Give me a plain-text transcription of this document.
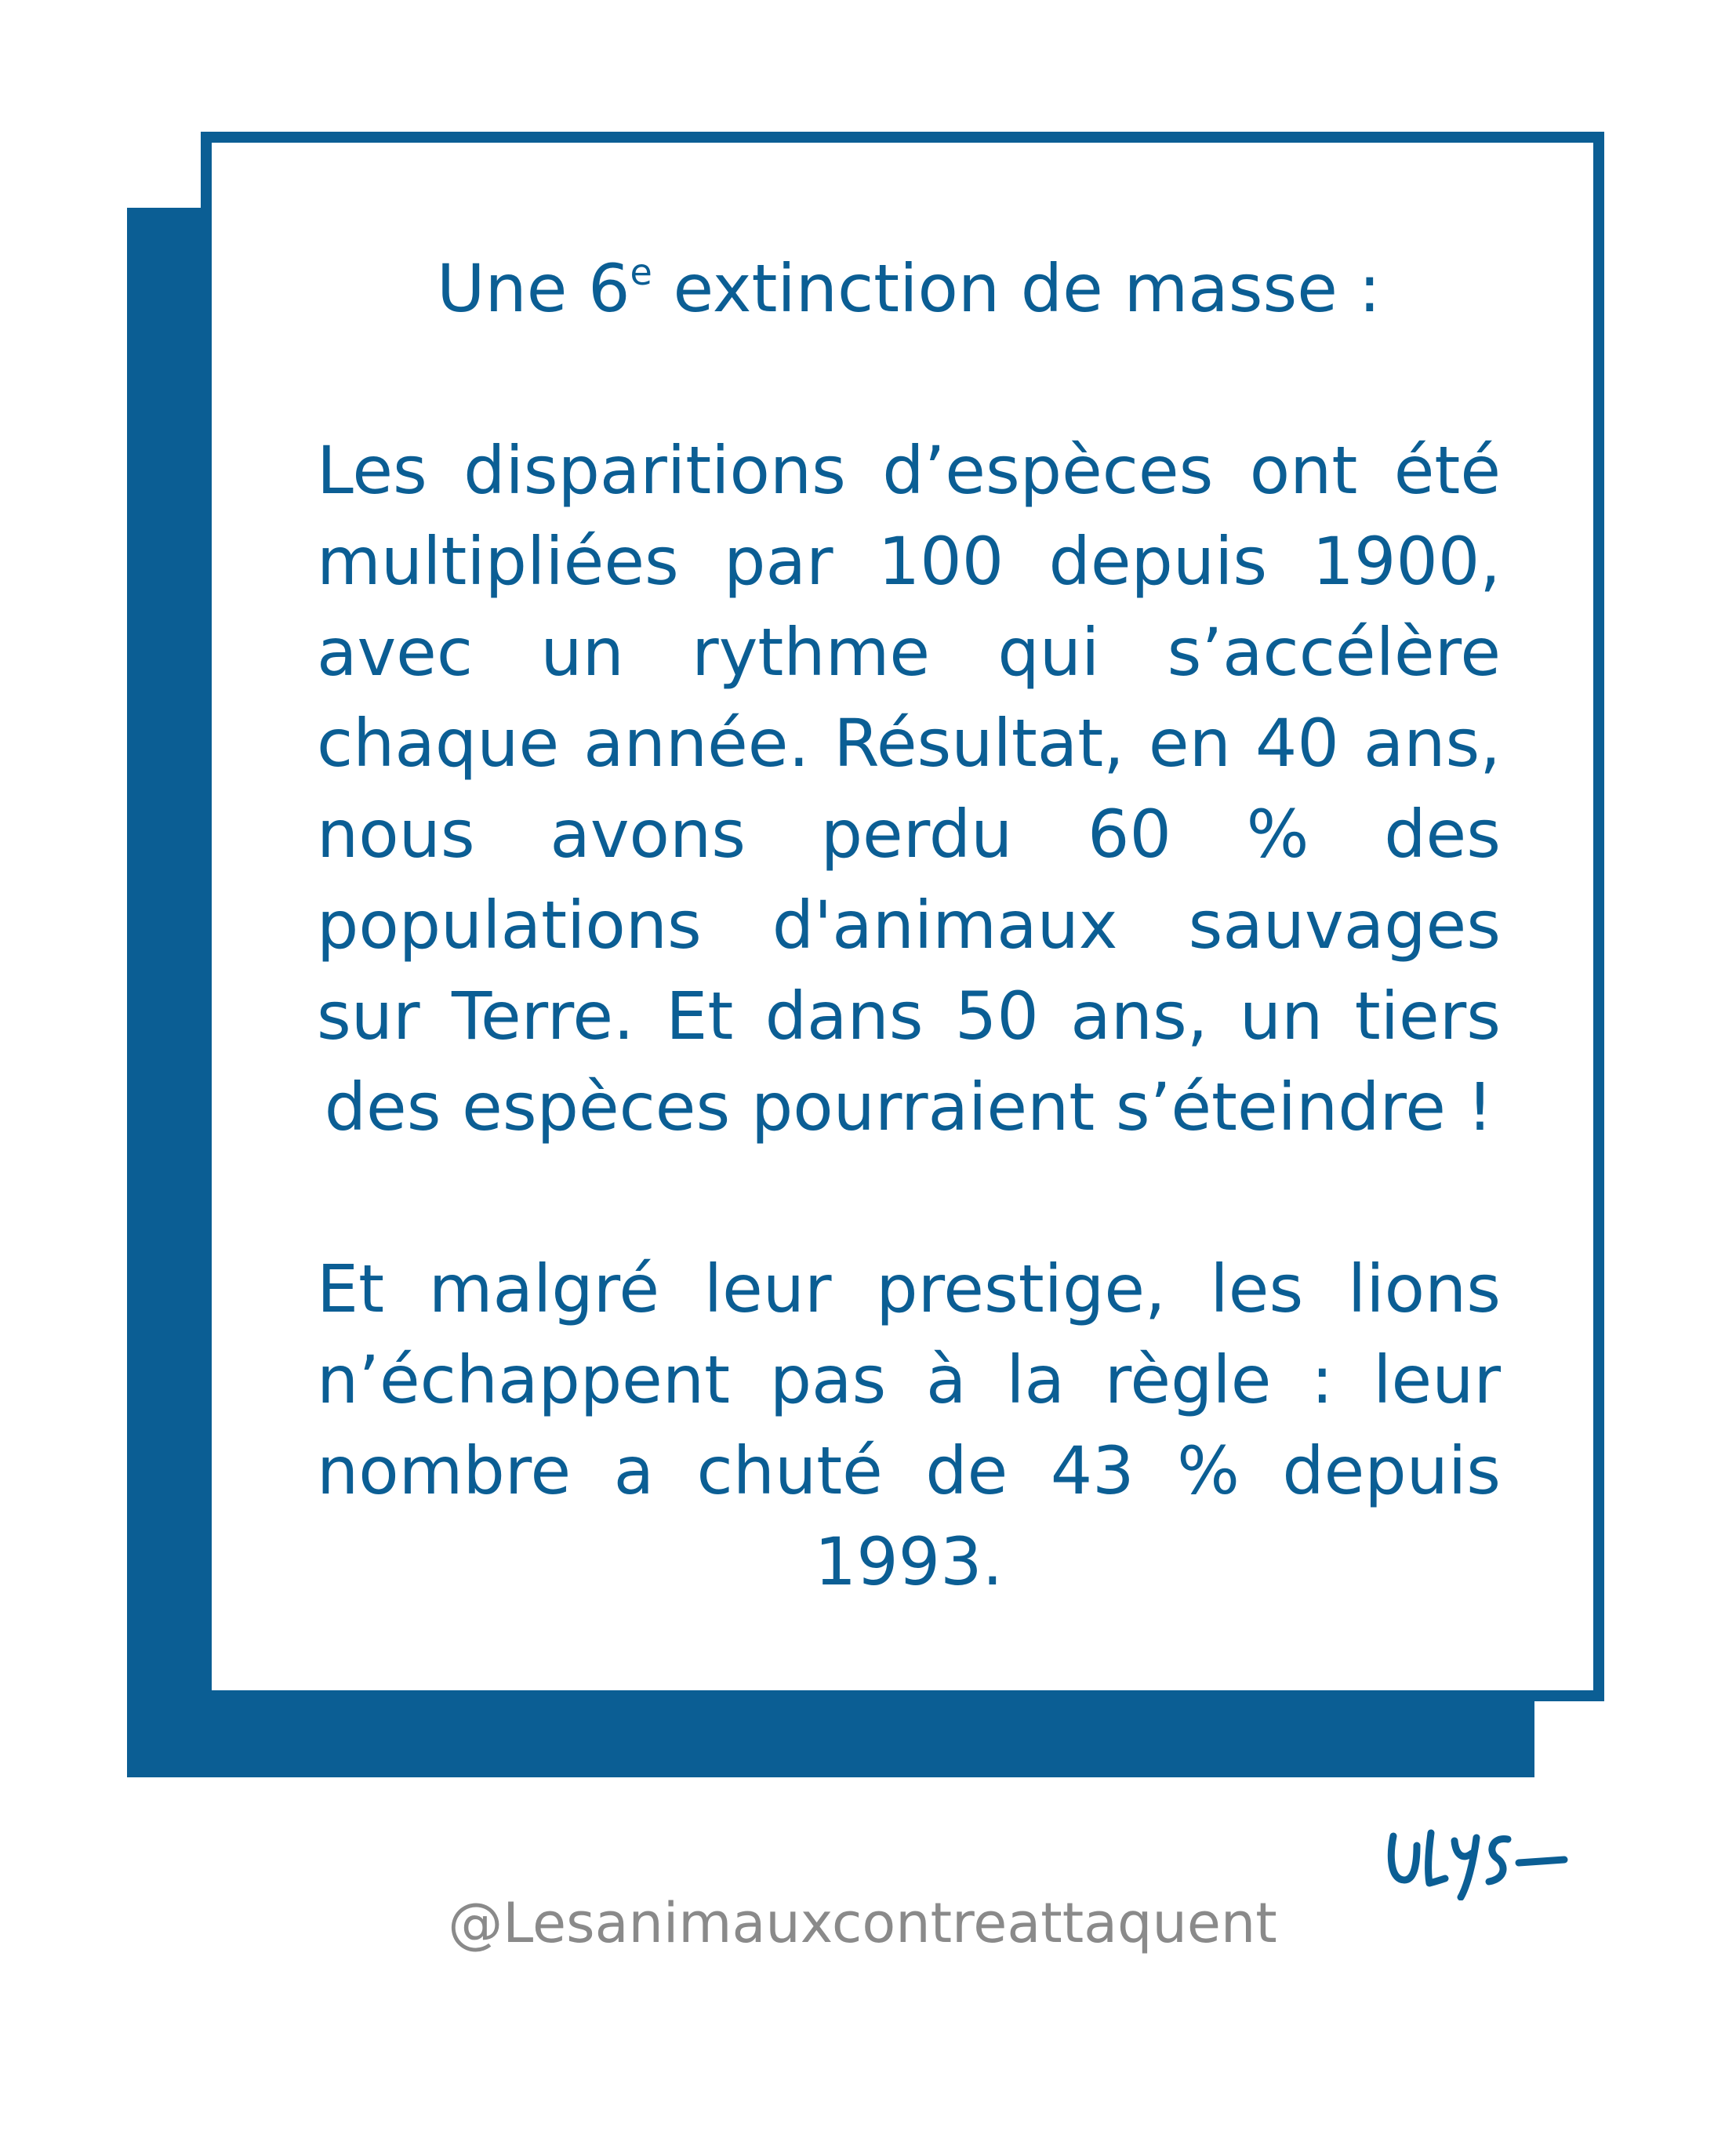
Une 6e extinction de masse :

Les disparitions d’espèces ont été multipliées par 100 depuis 1900, avec un rythme qui s’accélère chaque année. Résultat, en 40 ans, nous avons perdu 60 % des populations d'animaux sauvages sur Terre. Et dans 50 ans, un tiers des espèces pourraient s’éteindre !

Et malgré leur prestige, les lions n’échappent pas à la règle : leur nombre a chuté de 43 % depuis 1993.

@Lesanimauxcontreattaquent
